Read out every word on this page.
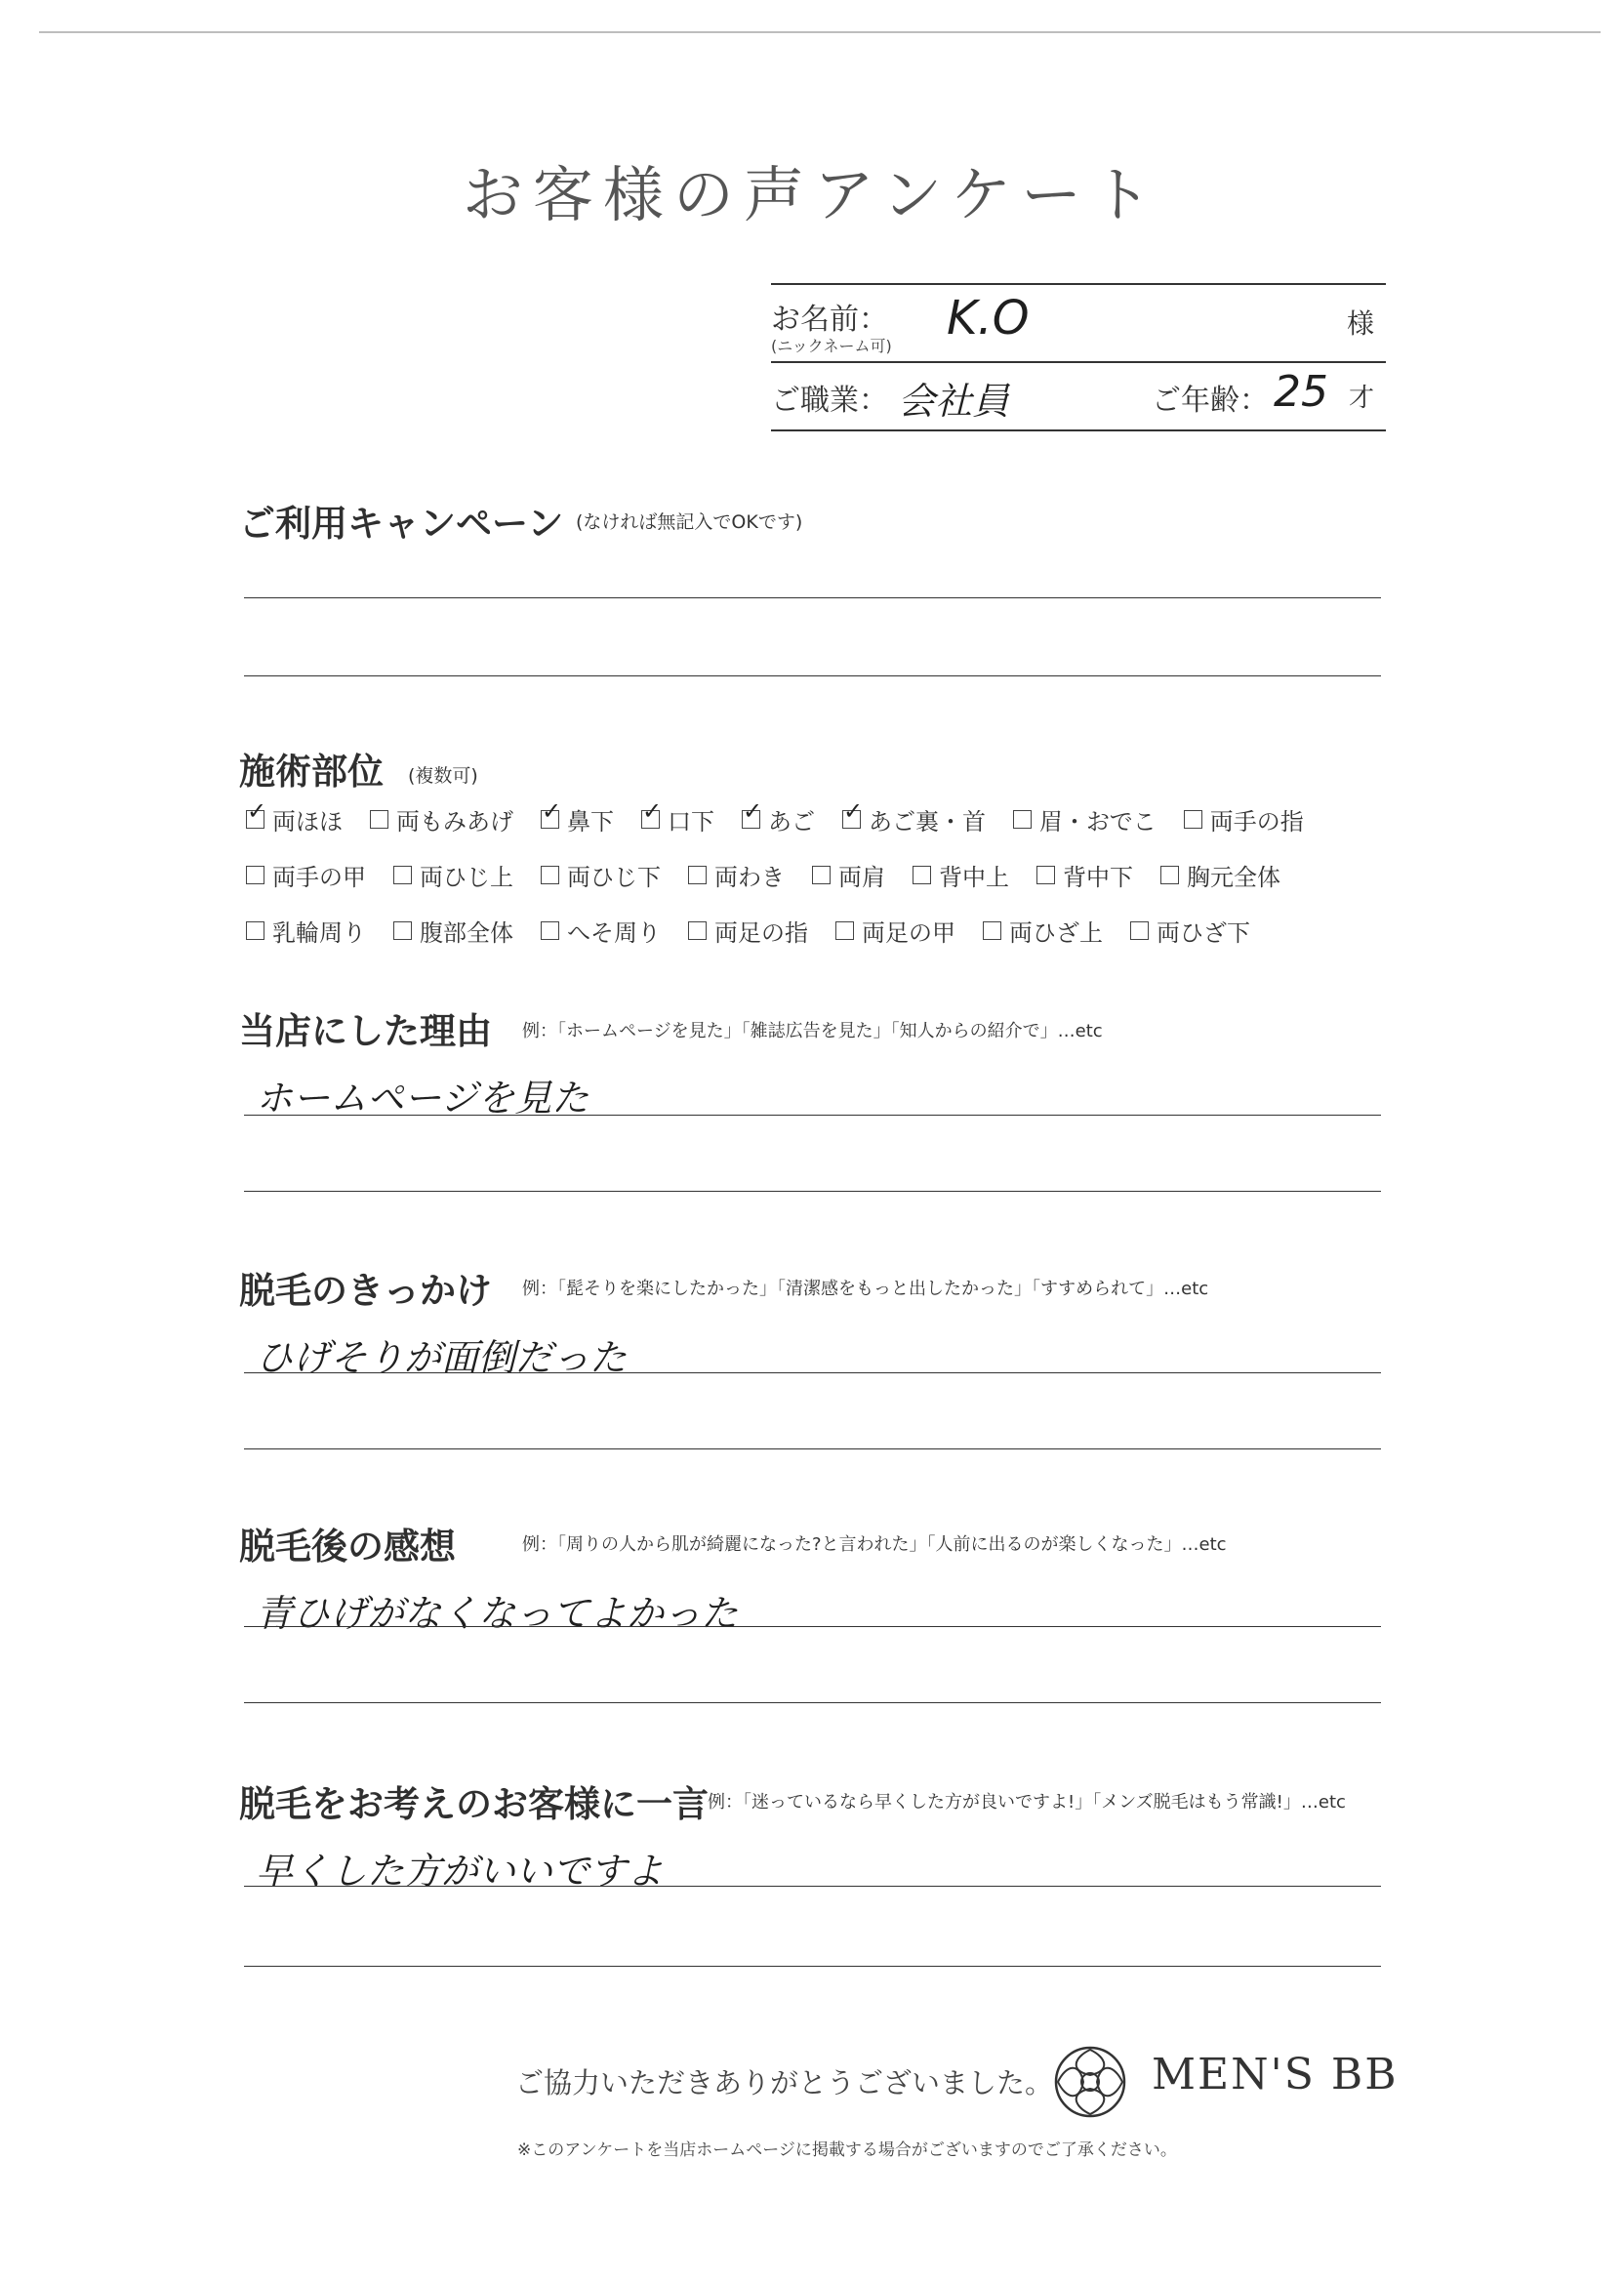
お客様の声アンケート
お名前：
(ニックネーム可)
K.O	様
ご職業： 会社員	ご年齢： 25 才
ご利用キャンペーン (なければ無記入でOKです)
施術部位 (複数可)
✓
両ほほ 両もみあげ ✓ 鼻下 ✓ 口下 ✓ あご ✓ あご裏・首 眉・おでこ 両手の指
両手の甲 両ひじ上 両ひじ下 両わき 両肩 背中上 背中下 胸元全体
乳輪周り 腹部全体 へそ周り 両足の指 両足の甲 両ひざ上 両ひざ下
当店にした理由 例：「ホームページを見た」「雑誌広告を見た」「知人からの紹介で」…etc
ホームページを見た
脱毛のきっかけ 例：「髭そりを楽にしたかった」「清潔感をもっと出したかった」「すすめられて」…etc
ひげそりが面倒だった
脱毛後の感想	例：「周りの人から肌が綺麗になった?と言われた」「人前に出るのが楽しくなった」…etc
青ひげがなくなってよかった
脱毛をお考えのお客様に一言 例：「迷っているなら早くした方が良いですよ!」「メンズ脱毛はもう常識!」…etc
早くした方がいいですよ
ご協力いただきありがとうございました。 MEN'S BB
※このアンケートを当店ホームページに掲載する場合がございますのでご了承ください。
